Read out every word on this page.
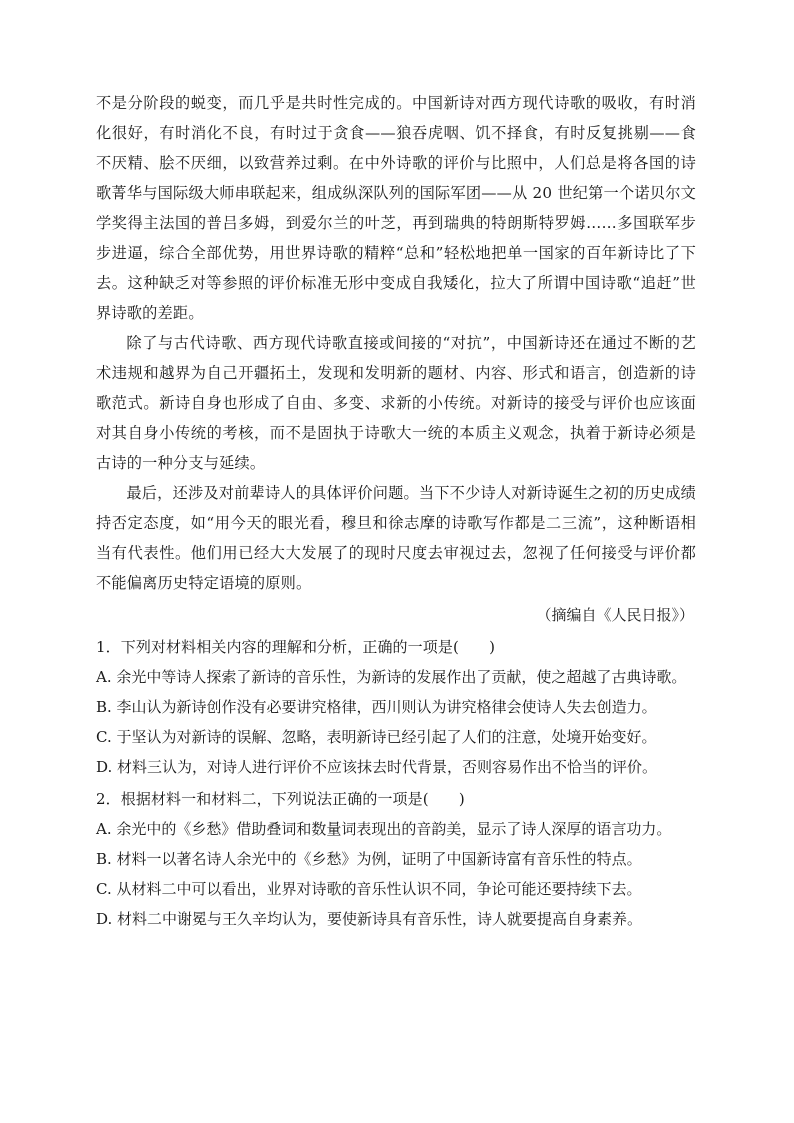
不是分阶段的蜕变，而几乎是共时性完成的。中国新诗对西方现代诗歌的吸收，有时消化很好，有时消化不良，有时过于贪食——狼吞虎咽、饥不择食，有时反复挑剔——食不厌精、脍不厌细，以致营养过剩。在中外诗歌的评价与比照中，人们总是将各国的诗歌菁华与国际级大师串联起来，组成纵深队列的国际军团——从 20 世纪第一个诺贝尔文学奖得主法国的普吕多姆，到爱尔兰的叶芝，再到瑞典的特朗斯特罗姆……多国联军步步进逼，综合全部优势，用世界诗歌的精粹“总和”轻松地把单一国家的百年新诗比了下去。这种缺乏对等参照的评价标准无形中变成自我矮化，拉大了所谓中国诗歌“追赶”世界诗歌的差距。

除了与古代诗歌、西方现代诗歌直接或间接的“对抗”，中国新诗还在通过不断的艺术违规和越界为自己开疆拓土，发现和发明新的题材、内容、形式和语言，创造新的诗歌范式。新诗自身也形成了自由、多变、求新的小传统。对新诗的接受与评价也应该面对其自身小传统的考核，而不是固执于诗歌大一统的本质主义观念，执着于新诗必须是古诗的一种分支与延续。

最后，还涉及对前辈诗人的具体评价问题。当下不少诗人对新诗诞生之初的历史成绩持否定态度，如“用今天的眼光看，穆旦和徐志摩的诗歌写作都是二三流”，这种断语相当有代表性。他们用已经大大发展了的现时尺度去审视过去，忽视了任何接受与评价都不能偏离历史特定语境的原则。

（摘编自《人民日报》）

1．下列对材料相关内容的理解和分析，正确的一项是(　　)

A. 余光中等诗人探索了新诗的音乐性，为新诗的发展作出了贡献，使之超越了古典诗歌。

B. 李山认为新诗创作没有必要讲究格律，西川则认为讲究格律会使诗人失去创造力。

C. 于坚认为对新诗的误解、忽略，表明新诗已经引起了人们的注意，处境开始变好。

D. 材料三认为，对诗人进行评价不应该抹去时代背景，否则容易作出不恰当的评价。

2．根据材料一和材料二，下列说法正确的一项是(　　)

A. 余光中的《乡愁》借助叠词和数量词表现出的音韵美，显示了诗人深厚的语言功力。

B. 材料一以著名诗人余光中的《乡愁》为例，证明了中国新诗富有音乐性的特点。

C. 从材料二中可以看出，业界对诗歌的音乐性认识不同，争论可能还要持续下去。

D. 材料二中谢冕与王久辛均认为，要使新诗具有音乐性，诗人就要提高自身素养。
